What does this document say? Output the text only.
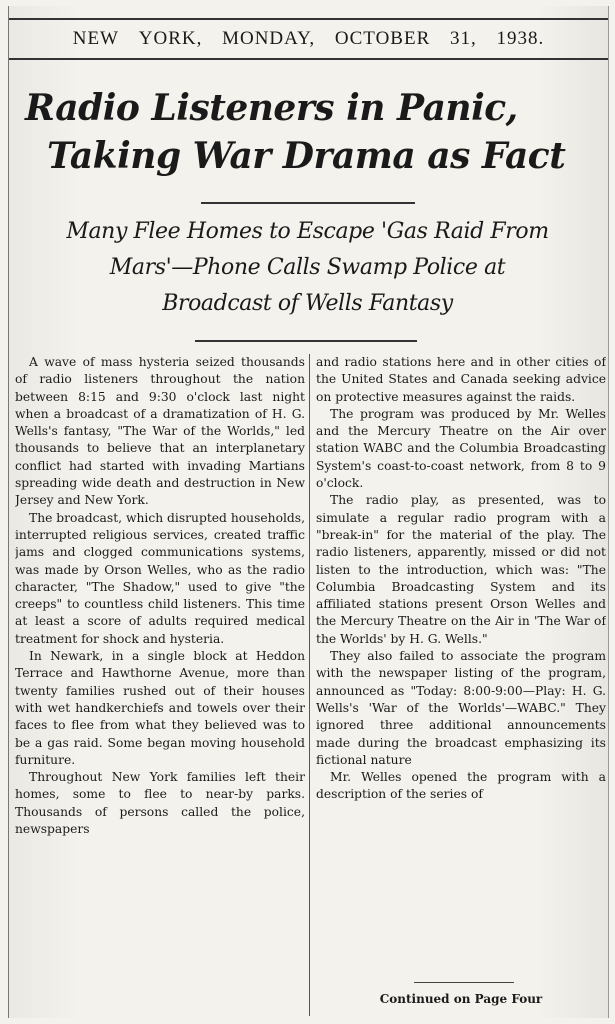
NEW YORK, MONDAY, OCTOBER 31, 1938.
Radio Listeners in Panic,
Taking War Drama as Fact
Many Flee Homes to Escape 'Gas Raid From
Mars'—Phone Calls Swamp Police at
Broadcast of Wells Fantasy

A wave of mass hysteria seized thousands of radio listeners throughout the nation between 8:15 and 9:30 o'clock last night when a broadcast of a dramatization of H. G. Wells's fantasy, "The War of the Worlds," led thousands to believe that an interplanetary conflict had started with invading Martians spreading wide death and destruction in New Jersey and New York.

The broadcast, which disrupted households, interrupted religious services, created traffic jams and clogged communications systems, was made by Orson Welles, who as the radio character, "The Shadow," used to give "the creeps" to countless child listeners. This time at least a score of adults required medical treatment for shock and hysteria.

In Newark, in a single block at Heddon Terrace and Hawthorne Avenue, more than twenty families rushed out of their houses with wet handkerchiefs and towels over their faces to flee from what they believed was to be a gas raid. Some began moving household furniture.

Throughout New York families left their homes, some to flee to near-by parks. Thousands of persons called the police, newspapers

and radio stations here and in other cities of the United States and Canada seeking advice on protective measures against the raids.

The program was produced by Mr. Welles and the Mercury Theatre on the Air over station WABC and the Columbia Broadcasting System's coast-to-coast network, from 8 to 9 o'clock.

The radio play, as presented, was to simulate a regular radio program with a "break-in" for the material of the play. The radio listeners, apparently, missed or did not listen to the introduction, which was: "The Columbia Broadcasting System and its affiliated stations present Orson Welles and the Mercury Theatre on the Air in 'The War of the Worlds' by H. G. Wells."

They also failed to associate the program with the newspaper listing of the program, announced as "Today: 8:00-9:00—Play: H. G. Wells's 'War of the Worlds'—WABC." They ignored three additional announcements made during the broadcast emphasizing its fictional nature

Mr. Welles opened the program with a description of the series of

Continued on Page Four
